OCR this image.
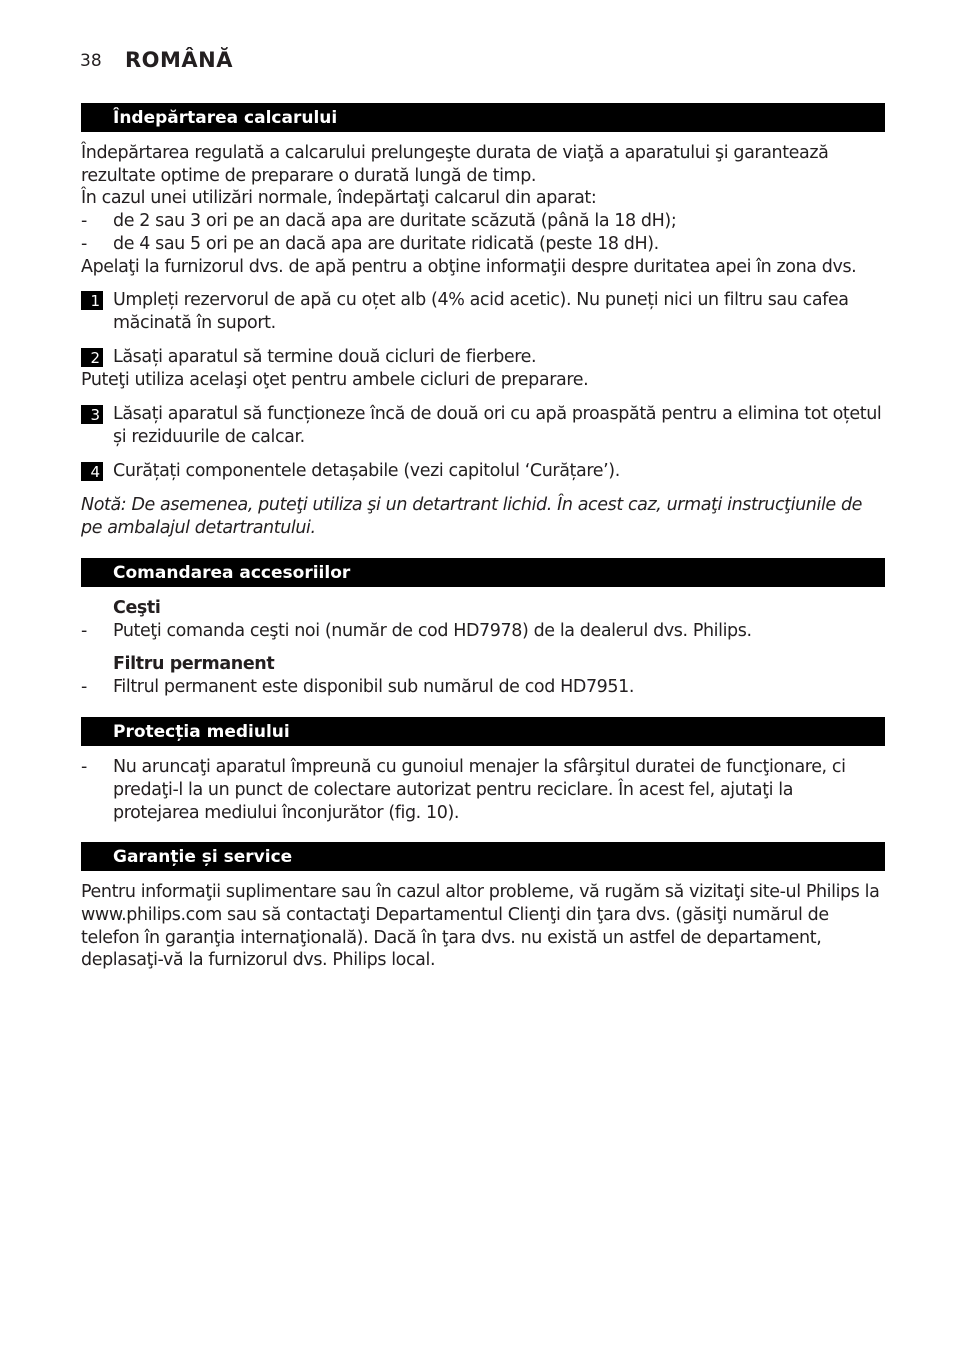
38 ROMÂNĂ
Îndepărtarea calcarului
Îndepărtarea regulată a calcarului prelungeşte durata de viaţă a aparatului şi garantează rezultate optime de preparare o durată lungă de timp.
În cazul unei utilizări normale, îndepărtaţi calcarul din aparat:
- de 2 sau 3 ori pe an dacă apa are duritate scăzută (până la 18 dH);
- de 4 sau 5 ori pe an dacă apa are duritate ridicată (peste 18 dH).
Apelaţi la furnizorul dvs. de apă pentru a obţine informaţii despre duritatea apei în zona dvs.
1 Umpleți rezervorul de apă cu oțet alb (4% acid acetic). Nu puneți nici un filtru sau cafea măcinată în suport.
2 Lăsați aparatul să termine două cicluri de fierbere.
Puteţi utiliza acelaşi oţet pentru ambele cicluri de preparare.
3 Lăsați aparatul să funcționeze încă de două ori cu apă proaspătă pentru a elimina tot oțetul și reziduurile de calcar.
4 Curățați componentele detașabile (vezi capitolul ‘Curățare’).
Notă: De asemenea, puteţi utiliza şi un detartrant lichid. În acest caz, urmaţi instrucţiunile de pe ambalajul detartrantului.
Comandarea accesoriilor
Ceşti
- Puteţi comanda ceşti noi (număr de cod HD7978) de la dealerul dvs. Philips.
Filtru permanent
- Filtrul permanent este disponibil sub numărul de cod HD7951.
Protecția mediului
- Nu aruncaţi aparatul împreună cu gunoiul menajer la sfârşitul duratei de funcţionare, ci predaţi-l la un punct de colectare autorizat pentru reciclare. În acest fel, ajutaţi la protejarea mediului înconjurător (fig. 10).
Garanție și service
Pentru informaţii suplimentare sau în cazul altor probleme, vă rugăm să vizitaţi site-ul Philips la www.philips.com sau să contactaţi Departamentul Clienţi din ţara dvs. (găsiţi numărul de telefon în garanţia internaţională). Dacă în ţara dvs. nu există un astfel de departament, deplasaţi-vă la furnizorul dvs. Philips local.
